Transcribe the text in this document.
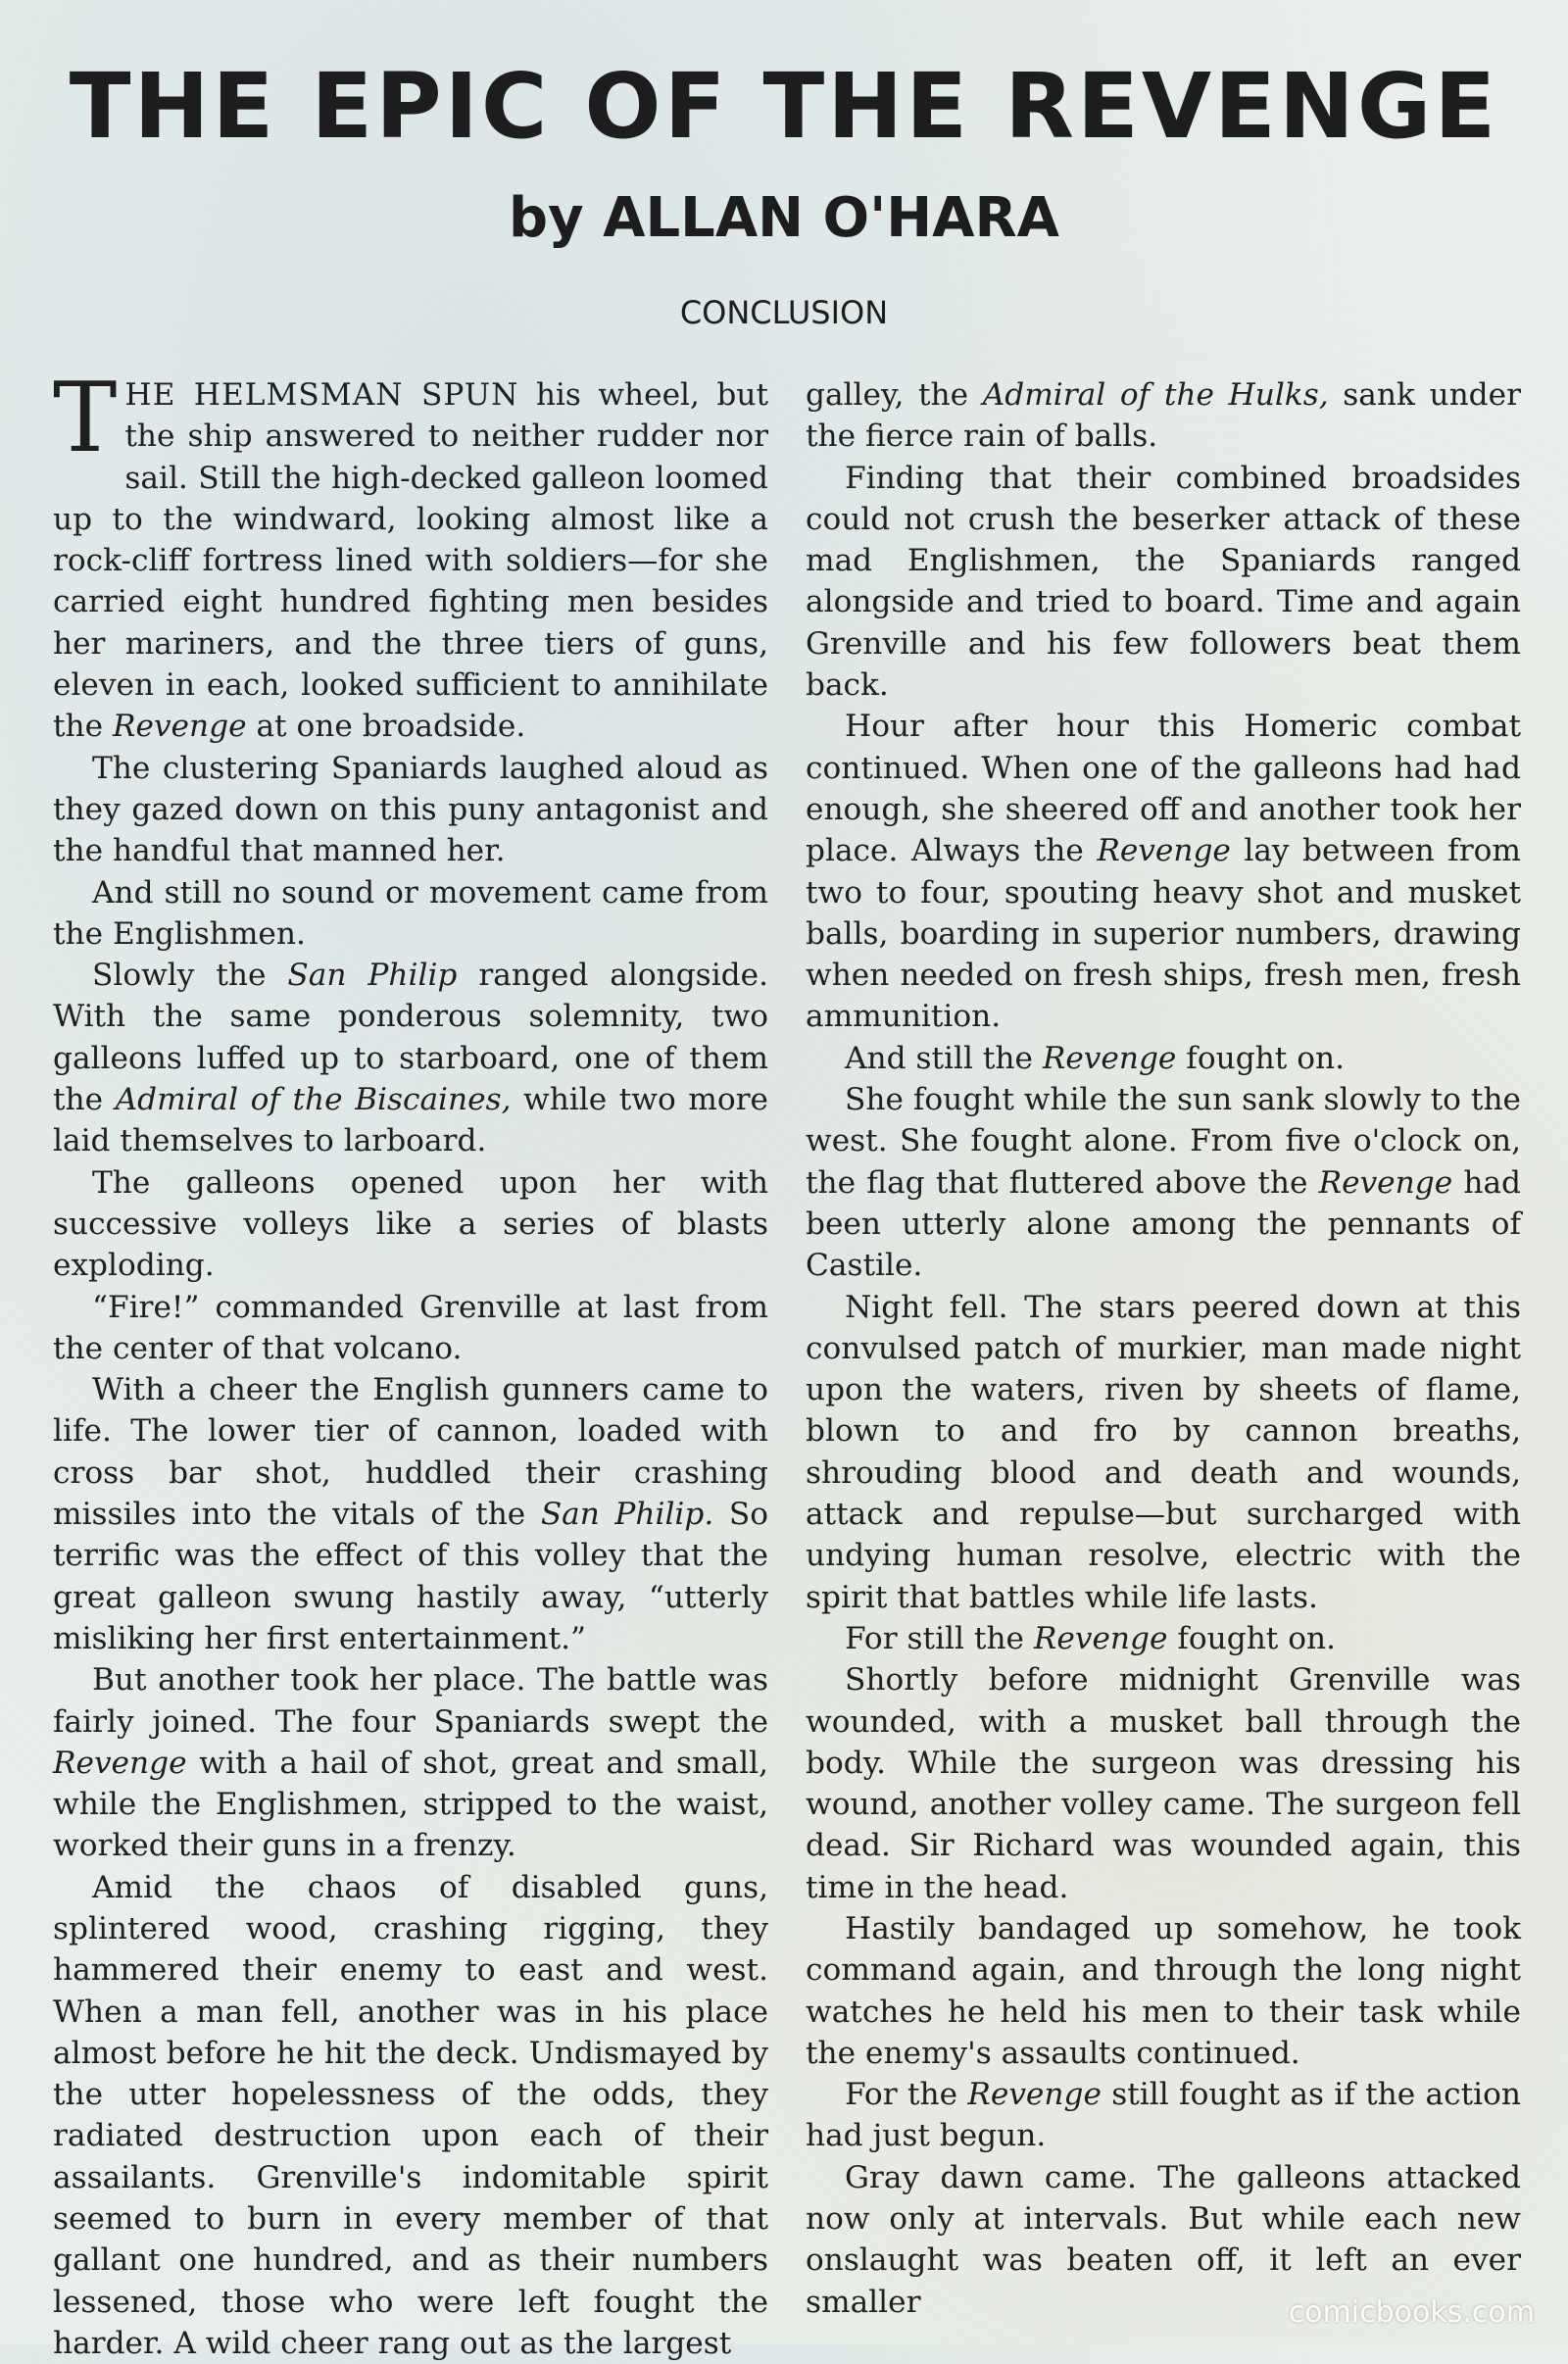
THE EPIC OF THE REVENGE
by ALLAN O'HARA
CONCLUSION

THE HELMSMAN SPUN his wheel, but the ship answered to neither rudder nor sail. Still the high-decked galleon loomed up to the windward, looking almost like a rock-cliff fortress lined with soldiers—for she carried eight hundred fighting men besides her mariners, and the three tiers of guns, eleven in each, looked sufficient to annihilate the Revenge at one broadside.

The clustering Spaniards laughed aloud as they gazed down on this puny antagonist and the handful that manned her.

And still no sound or movement came from the Englishmen.

Slowly the San Philip ranged alongside. With the same ponderous solemnity, two galleons luffed up to starboard, one of them the Admiral of the Biscaines, while two more laid themselves to larboard.

The galleons opened upon her with successive volleys like a series of blasts exploding.

“Fire!” commanded Grenville at last from the center of that volcano.

With a cheer the English gunners came to life. The lower tier of cannon, loaded with cross bar shot, huddled their crashing missiles into the vitals of the San Philip. So terrific was the effect of this volley that the great galleon swung hastily away, “utterly misliking her first entertainment.”

But another took her place. The battle was fairly joined. The four Spaniards swept the Revenge with a hail of shot, great and small, while the Englishmen, stripped to the waist, worked their guns in a frenzy.

Amid the chaos of disabled guns, splintered wood, crashing rigging, they hammered their enemy to east and west. When a man fell, another was in his place almost before he hit the deck. Undismayed by the utter hopelessness of the odds, they radiated destruction upon each of their assailants. Grenville's indomitable spirit seemed to burn in every member of that gallant one hundred, and as their numbers lessened, those who were left fought the harder. A wild cheer rang out as the largest

galley, the Admiral of the Hulks, sank under the fierce rain of balls.

Finding that their combined broadsides could not crush the beserker attack of these mad Englishmen, the Spaniards ranged alongside and tried to board. Time and again Grenville and his few followers beat them back.

Hour after hour this Homeric combat continued. When one of the galleons had had enough, she sheered off and another took her place. Always the Revenge lay between from two to four, spouting heavy shot and musket balls, boarding in superior numbers, drawing when needed on fresh ships, fresh men, fresh ammunition.

And still the Revenge fought on.

She fought while the sun sank slowly to the west. She fought alone. From five o'clock on, the flag that fluttered above the Revenge had been utterly alone among the pennants of Castile.

Night fell. The stars peered down at this convulsed patch of murkier, man made night upon the waters, riven by sheets of flame, blown to and fro by cannon breaths, shrouding blood and death and wounds, attack and repulse—but surcharged with undying human resolve, electric with the spirit that battles while life lasts.

For still the Revenge fought on.

Shortly before midnight Grenville was wounded, with a musket ball through the body. While the surgeon was dressing his wound, another volley came. The surgeon fell dead. Sir Richard was wounded again, this time in the head.

Hastily bandaged up somehow, he took command again, and through the long night watches he held his men to their task while the enemy's assaults continued.

For the Revenge still fought as if the action had just begun.

Gray dawn came. The galleons attacked now only at intervals. But while each new onslaught was beaten off, it left an ever smaller	comicbooks.com
